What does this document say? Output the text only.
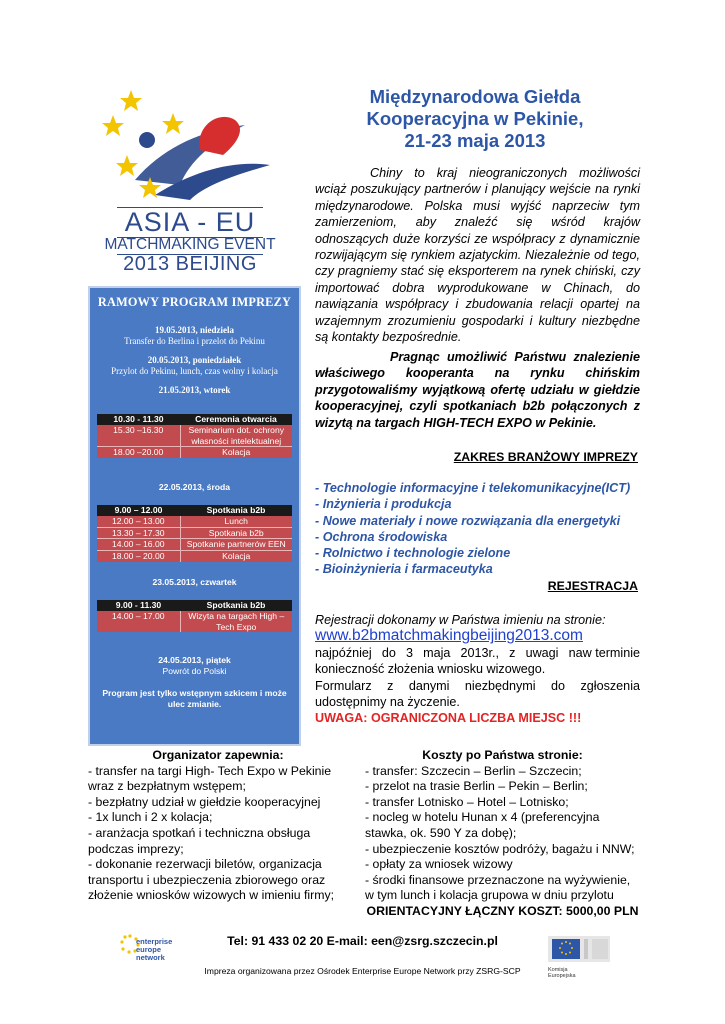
ASIA - EU
MATCHMAKING EVENT
2013 BEIJING
Międzynarodowa Giełda
Kooperacyjna w Pekinie,
21-23 maja 2013
Chiny to kraj nieograniczonych możliwości wciąż poszukujący partnerów i planujący wejście na rynki międzynarodowe. Polska musi wyjść naprzeciw tym zamierzeniom, aby znaleźć się wśród krajów odnoszących duże korzyści ze współpracy z dynamicznie rozwijającym się rynkiem azjatyckim. Niezależnie od tego, czy pragniemy stać się eksporterem na rynek chiński, czy importować dobra wyprodukowane w Chinach, do nawiązania współpracy i zbudowania relacji opartej na wzajemnym zrozumieniu gospodarki i kultury niezbędne są kontakty bezpośrednie.
Pragnąc umożliwić Państwu znalezienie właściwego kooperanta na rynku chińskim przygotowaliśmy wyjątkową ofertę udziału w giełdzie kooperacyjnej, czyli spotkaniach b2b połączonych z wizytą na targach HIGH-TECH EXPO w Pekinie.
ZAKRES BRANŻOWY IMPREZY
- Technologie informacyjne i telekomunikacyjne(ICT)
- Inżynieria i produkcja
- Nowe materiały i nowe rozwiązania dla energetyki
- Ochrona środowiska
- Rolnictwo i technologie zielone
- Bioinżynieria i farmaceutyka
REJESTRACJA
Rejestracji dokonamy w Państwa imieniu na stronie:
www.b2bmatchmakingbeijing2013.com
w terminie
najpóźniej do 3 maja 2013r., z uwagi na konieczność złożenia wniosku wizowego.
Formularz z danymi niezbędnymi do zgłoszenia udostępnimy na życzenie.
UWAGA: OGRANICZONA LICZBA MIEJSC !!!
RAMOWY PROGRAM IMPREZY
19.05.2013, niedziela
Transfer do Berlina i przelot do Pekinu
20.05.2013, poniedziałek
Przylot do Pekinu, lunch, czas wolny i kolacja
21.05.2013, wtorek
10.30 - 11.30	Ceremonia otwarcia
15.30 –16.30	Seminarium dot. ochrony własności intelektualnej
18.00 –20.00	Kolacja
22.05.2013, środa
9.00 – 12.00	Spotkania b2b
12.00 – 13.00	Lunch
13.30 – 17.30	Spotkania b2b
14.00 – 16.00	Spotkanie partnerów EEN
18.00 – 20.00	Kolacja
23.05.2013, czwartek
9.00 - 11.30	Spotkania b2b
14.00 – 17.00	Wizyta na targach High – Tech Expo
24.05.2013, piątek
Powrót do Polski
Program jest tylko wstępnym szkicem i może ulec zmianie.
Organizator zapewnia:

- transfer na targi High- Tech Expo w Pekinie wraz z bezpłatnym wstępem;

- bezpłatny udział w giełdzie kooperacyjnej

- 1x lunch i 2 x kolacja;

- aranżacja spotkań i techniczna obsługa podczas imprezy;

- dokonanie rezerwacji biletów, organizacja transportu i ubezpieczenia zbiorowego oraz złożenie wniosków wizowych w imieniu firmy;

Koszty po Państwa stronie:

- transfer: Szczecin – Berlin – Szczecin;

- przelot na trasie Berlin – Pekin – Berlin;

- transfer Lotnisko – Hotel – Lotnisko;

- nocleg w hotelu Hunan x 4 (preferencyjna stawka, ok. 590 Y za dobę);

- ubezpieczenie kosztów podróży, bagażu i NNW;

- opłaty za wniosek wizowy

- środki finansowe przeznaczone na wyżywienie, w tym lunch i kolacja grupowa w dniu przylotu

ORIENTACYJNY ŁĄCZNY KOSZT: 5000,00 PLN
enterprise
europe
network
Tel: 91 433 02 20 E-mail: een@zsrg.szczecin.pl
Impreza organizowana przez Ośrodek Enterprise Europe Network przy ZSRG-SCP	Komisja
Europejska
